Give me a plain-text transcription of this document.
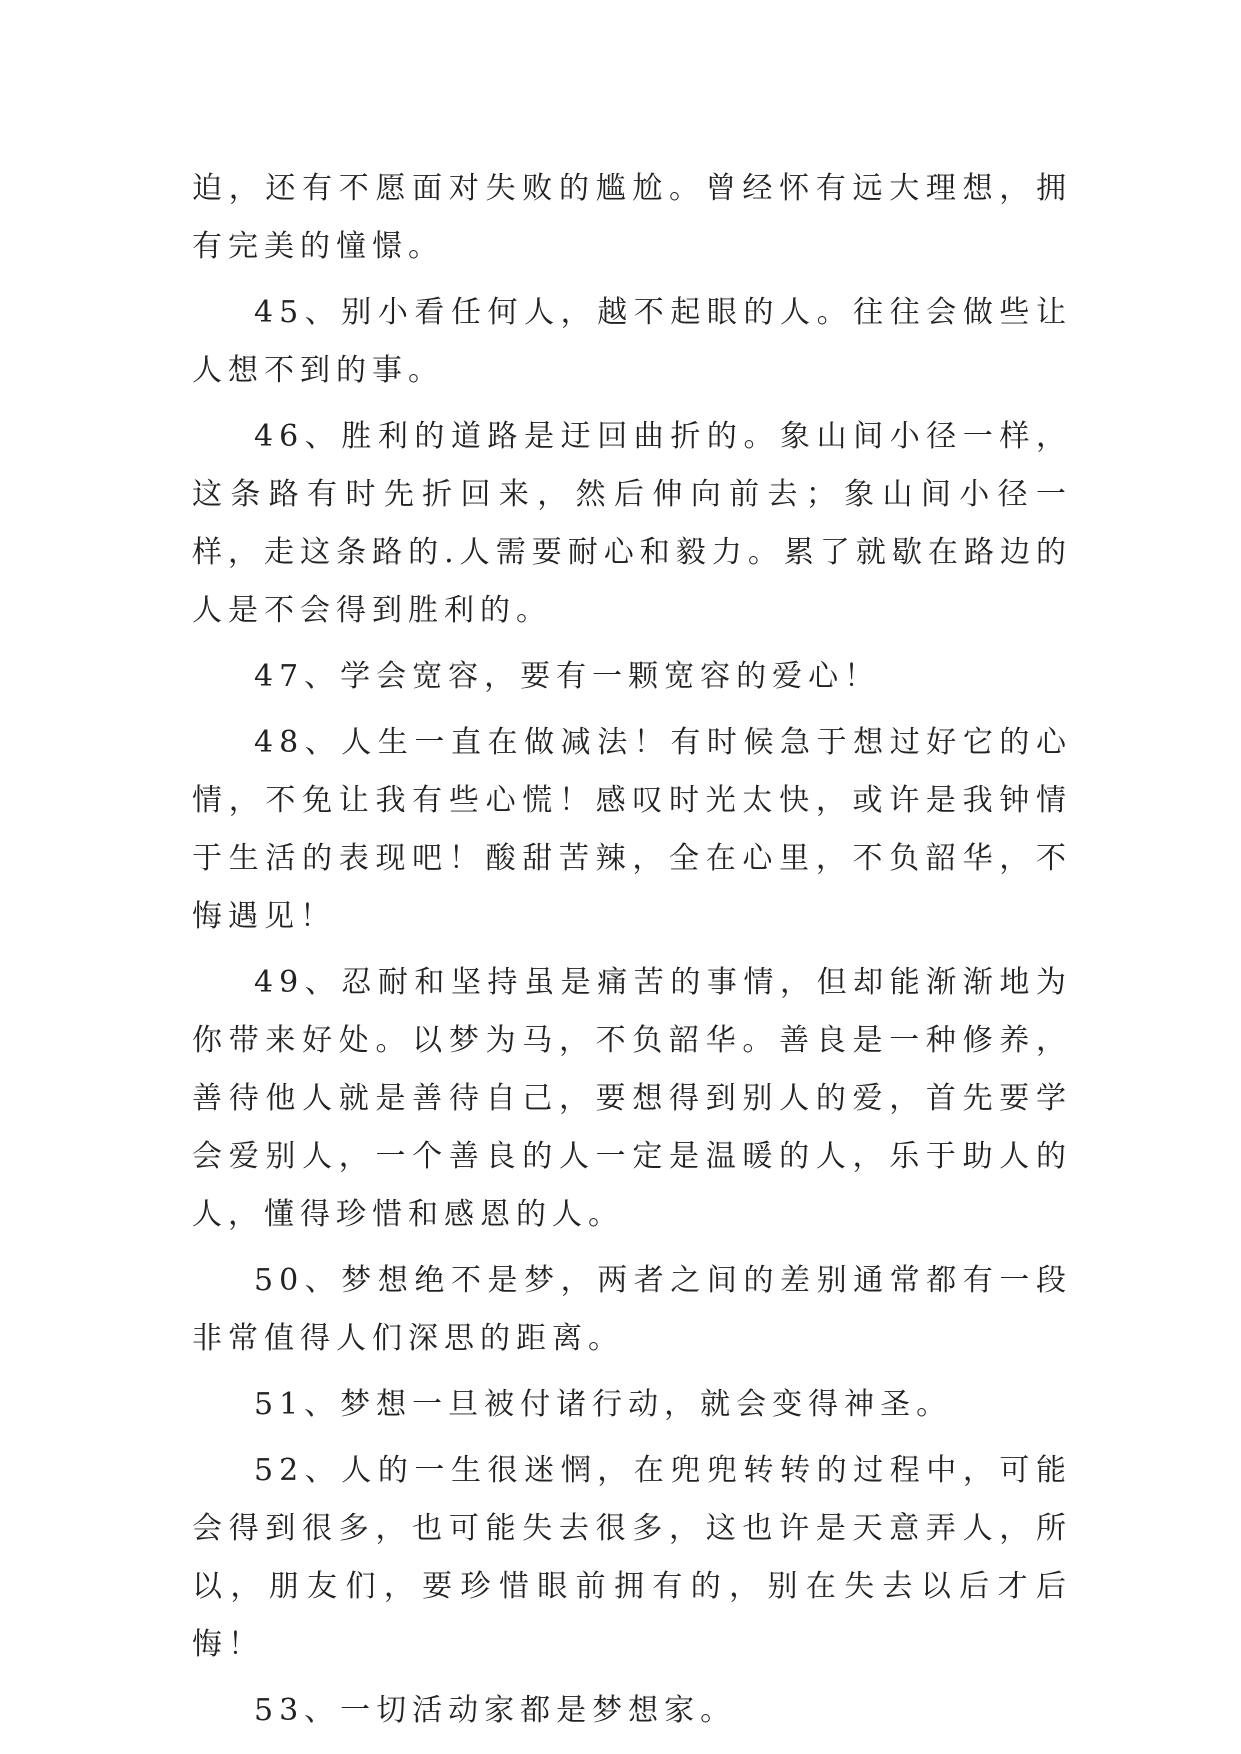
迫，还有不愿面对失败的尴尬。曾经怀有远大理想，拥有完美的憧憬。

45、别小看任何人，越不起眼的人。往往会做些让人想不到的事。

46、胜利的道路是迂回曲折的。象山间小径一样，这条路有时先折回来，然后伸向前去；象山间小径一样，走这条路的.人需要耐心和毅力。累了就歇在路边的人是不会得到胜利的。

47、学会宽容，要有一颗宽容的爱心！

48、人生一直在做减法！有时候急于想过好它的心情，不免让我有些心慌！感叹时光太快，或许是我钟情于生活的表现吧！酸甜苦辣，全在心里，不负韶华，不悔遇见！

49、忍耐和坚持虽是痛苦的事情，但却能渐渐地为你带来好处。以梦为马，不负韶华。善良是一种修养，善待他人就是善待自己，要想得到别人的爱，首先要学会爱别人，一个善良的人一定是温暖的人，乐于助人的人，懂得珍惜和感恩的人。

50、梦想绝不是梦，两者之间的差别通常都有一段非常值得人们深思的距离。

51、梦想一旦被付诸行动，就会变得神圣。

52、人的一生很迷惘，在兜兜转转的过程中，可能会得到很多，也可能失去很多，这也许是天意弄人，所以，朋友们，要珍惜眼前拥有的，别在失去以后才后悔！

53、一切活动家都是梦想家。
